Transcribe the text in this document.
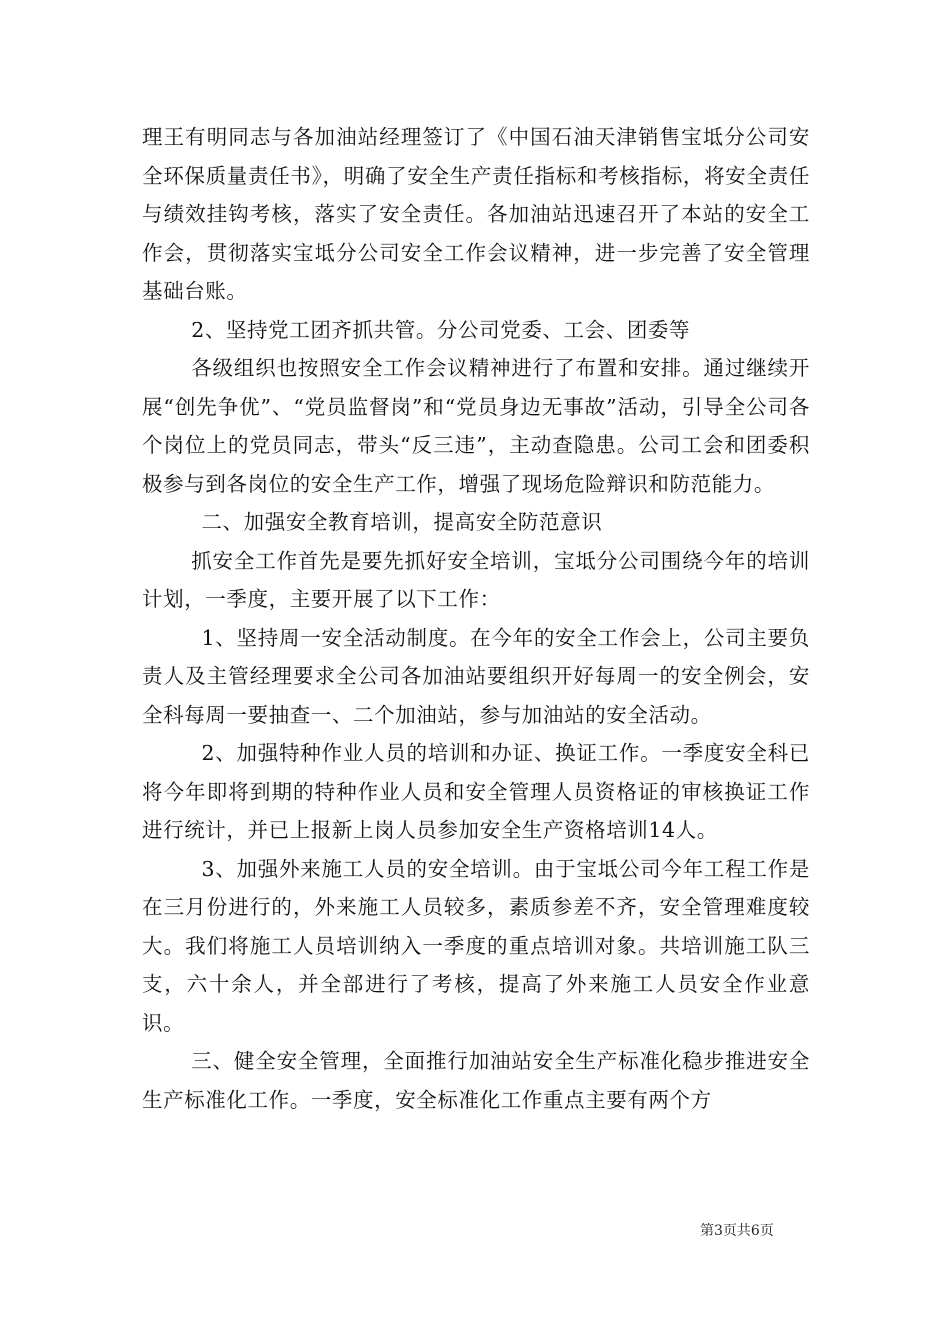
理王有明同志与各加油站经理签订了《中国石油天津销售宝坻分公司安全环保质量责任书》，明确了安全生产责任指标和考核指标，将安全责任与绩效挂钩考核，落实了安全责任。各加油站迅速召开了本站的安全工作会，贯彻落实宝坻分公司安全工作会议精神，进一步完善了安全管理基础台账。

2、坚持党工团齐抓共管。分公司党委、工会、团委等

各级组织也按照安全工作会议精神进行了布置和安排。通过继续开展“创先争优”、“党员监督岗”和“党员身边无事故”活动，引导全公司各个岗位上的党员同志，带头“反三违”，主动查隐患。公司工会和团委积极参与到各岗位的安全生产工作，增强了现场危险辩识和防范能力。

二、加强安全教育培训，提高安全防范意识

抓安全工作首先是要先抓好安全培训，宝坻分公司围绕今年的培训计划，一季度，主要开展了以下工作：

1、坚持周一安全活动制度。在今年的安全工作会上，公司主要负责人及主管经理要求全公司各加油站要组织开好每周一的安全例会，安全科每周一要抽查一、二个加油站，参与加油站的安全活动。

2、加强特种作业人员的培训和办证、换证工作。一季度安全科已将今年即将到期的特种作业人员和安全管理人员资格证的审核换证工作进行统计，并已上报新上岗人员参加安全生产资格培训14人。

3、加强外来施工人员的安全培训。由于宝坻公司今年工程工作是在三月份进行的，外来施工人员较多，素质参差不齐，安全管理难度较大。我们将施工人员培训纳入一季度的重点培训对象。共培训施工队三支，六十余人，并全部进行了考核，提高了外来施工人员安全作业意识。

三、健全安全管理，全面推行加油站安全生产标准化稳步推进安全生产标准化工作。一季度，安全标准化工作重点主要有两个方

第3页共6页
